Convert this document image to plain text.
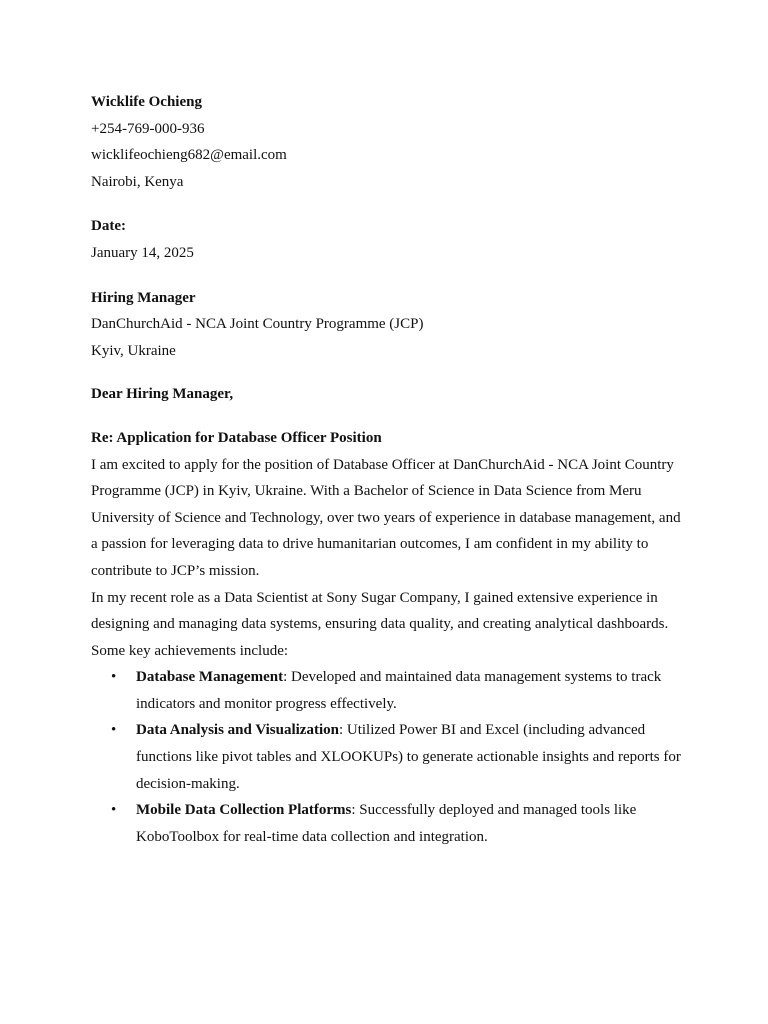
Wicklife Ochieng

+254-769-000-936

wicklifeochieng682@email.com

Nairobi, Kenya

Date:

January 14, 2025

Hiring Manager

DanChurchAid - NCA Joint Country Programme (JCP)

Kyiv, Ukraine

Dear Hiring Manager,

Re: Application for Database Officer Position

I am excited to apply for the position of Database Officer at DanChurchAid - NCA Joint Country Programme (JCP) in Kyiv, Ukraine. With a Bachelor of Science in Data Science from Meru University of Science and Technology, over two years of experience in database management, and a passion for leveraging data to drive humanitarian outcomes, I am confident in my ability to contribute to JCP’s mission.

In my recent role as a Data Scientist at Sony Sugar Company, I gained extensive experience in designing and managing data systems, ensuring data quality, and creating analytical dashboards. Some key achievements include:

• Database Management: Developed and maintained data management systems to track indicators and monitor progress effectively.
• Data Analysis and Visualization: Utilized Power BI and Excel (including advanced functions like pivot tables and XLOOKUPs) to generate actionable insights and reports for decision-making.
• Mobile Data Collection Platforms: Successfully deployed and managed tools like KoboToolbox for real-time data collection and integration.
